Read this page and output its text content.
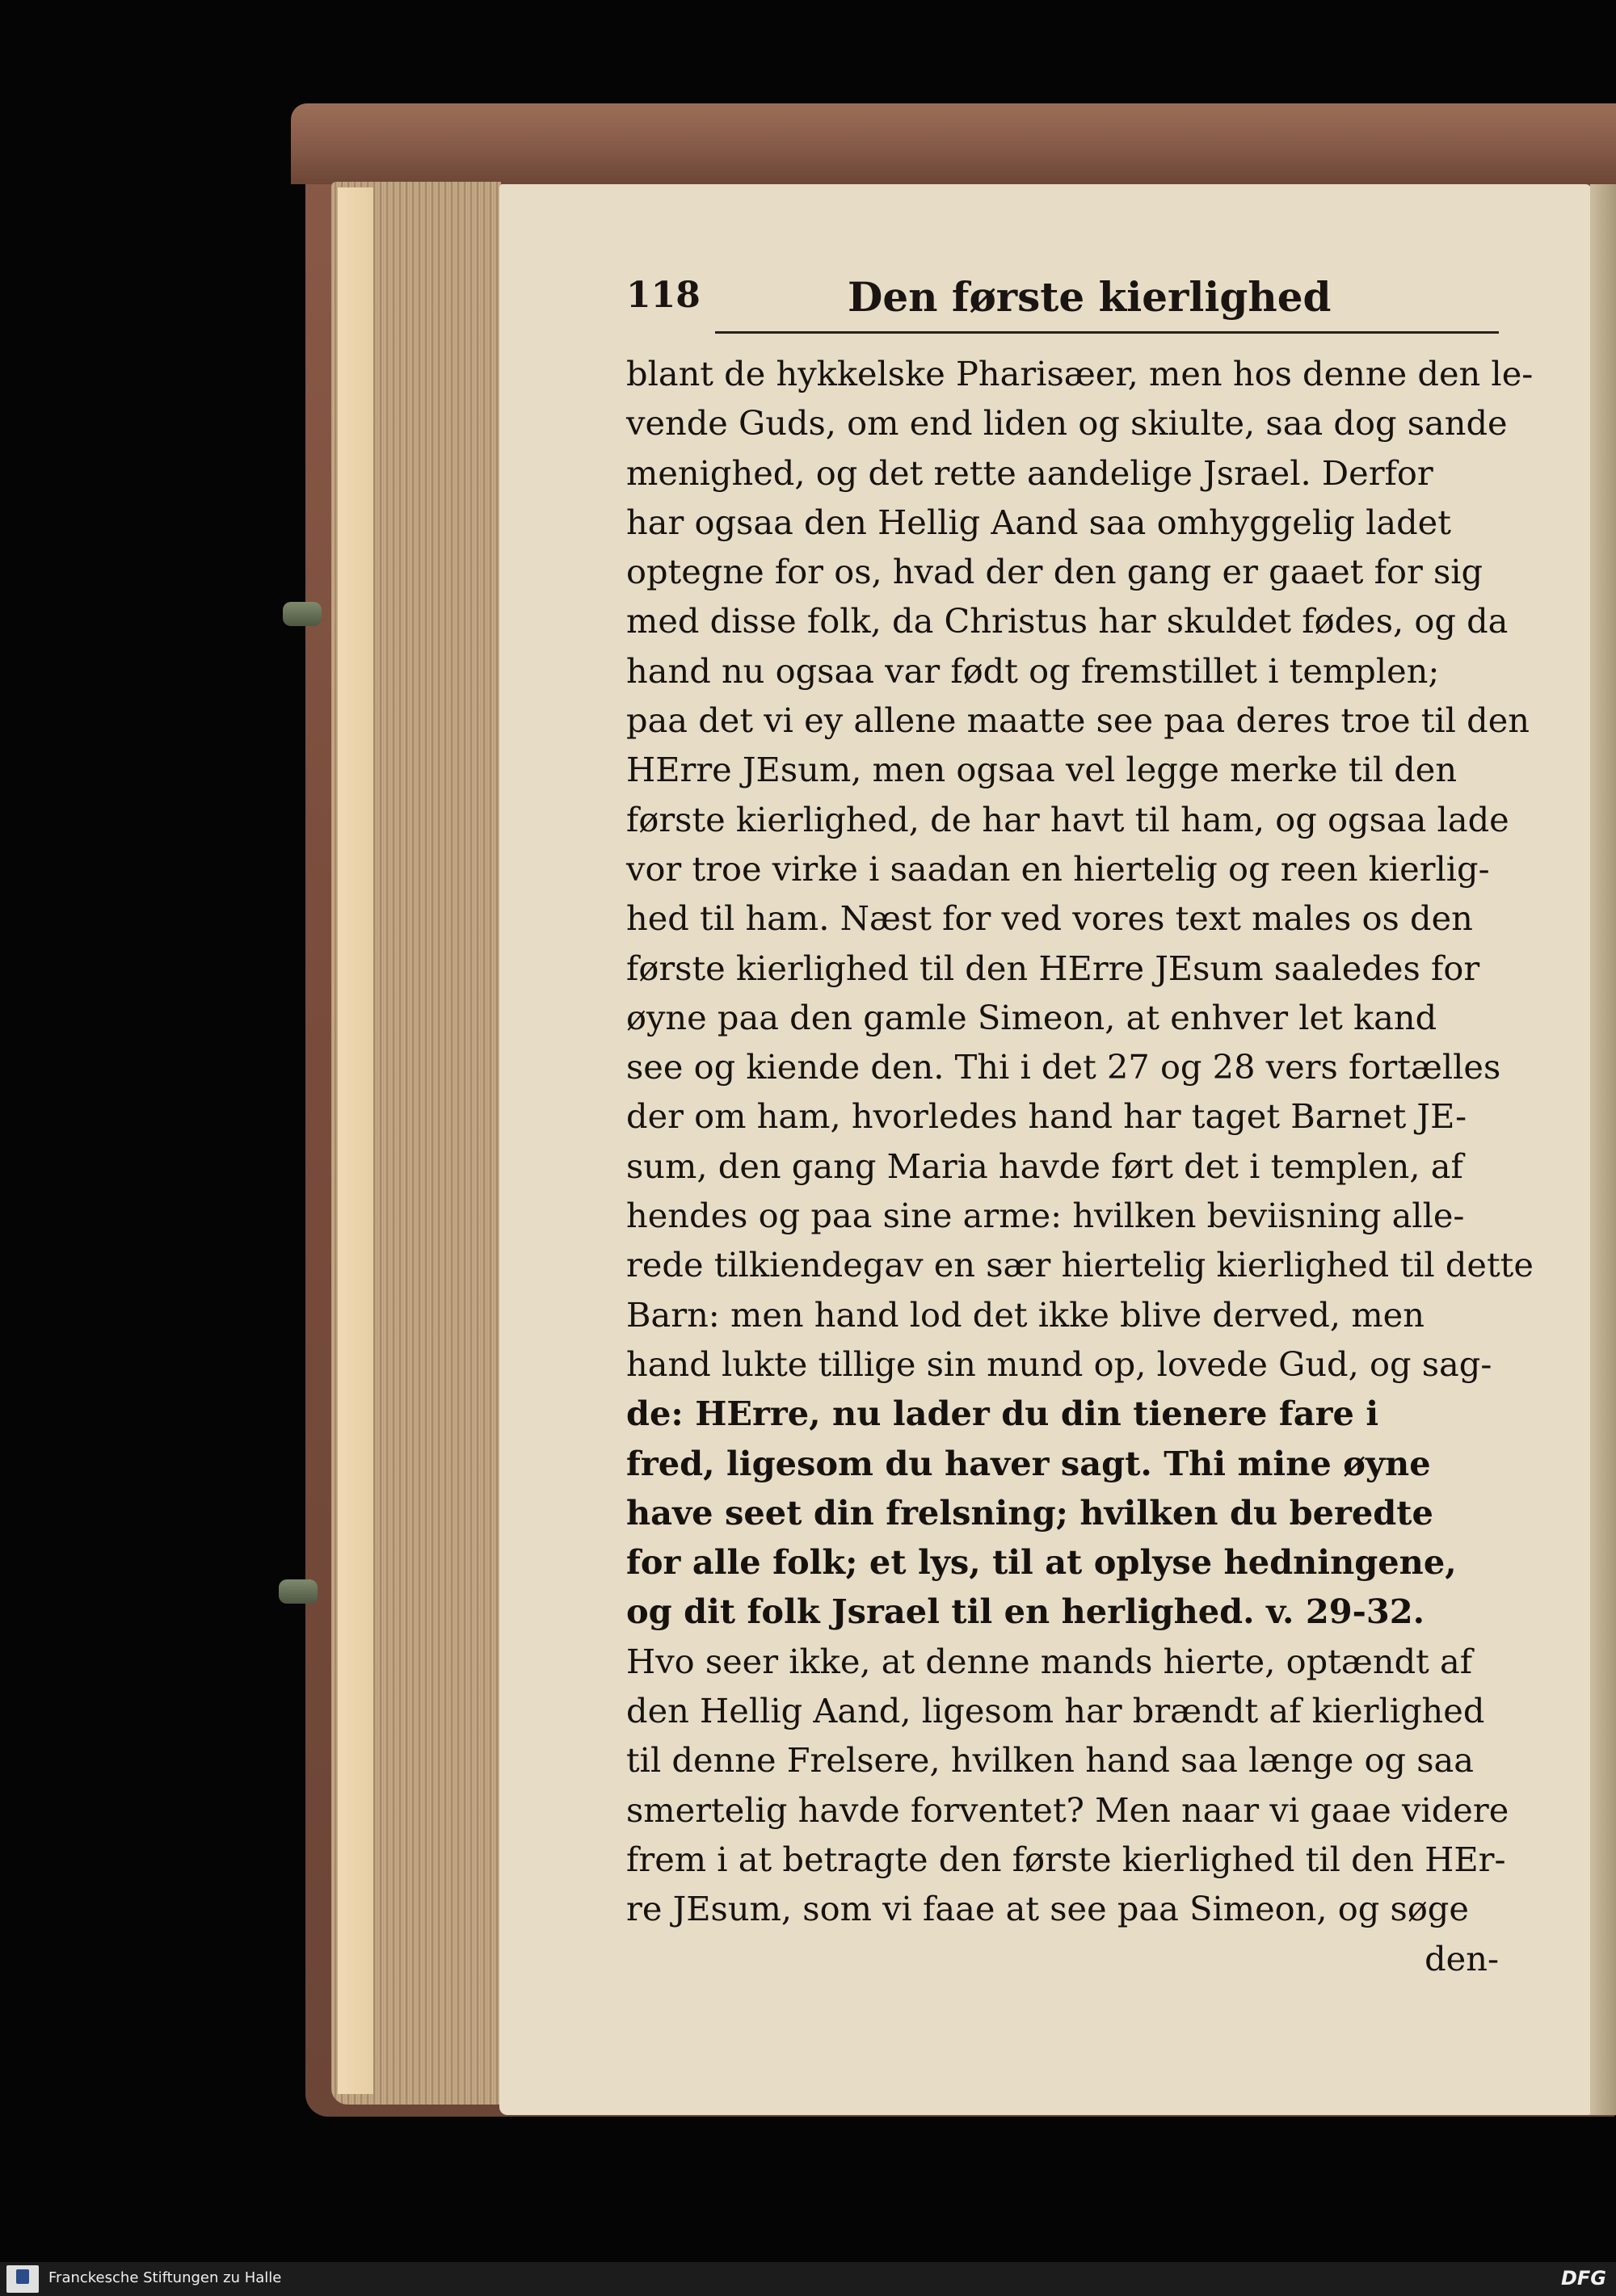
118	Den første kierlighed
blant de hykkelske Pharisæer, men hos denne den le-
vende Guds, om end liden og skiulte, saa dog sande
menighed, og det rette aandelige Jsrael. Derfor
har ogsaa den Hellig Aand saa omhyggelig ladet
optegne for os, hvad der den gang er gaaet for sig
med disse folk, da Christus har skuldet fødes, og da
hand nu ogsaa var født og fremstillet i templen;
paa det vi ey allene maatte see paa deres troe til den
HErre JEsum, men ogsaa vel legge merke til den
første kierlighed, de har havt til ham, og ogsaa lade
vor troe virke i saadan en hiertelig og reen kierlig-
hed til ham. Næst for ved vores text males os den
første kierlighed til den HErre JEsum saaledes for
øyne paa den gamle Simeon, at enhver let kand
see og kiende den. Thi i det 27 og 28 vers fortælles
der om ham, hvorledes hand har taget Barnet JE-
sum, den gang Maria havde ført det i templen, af
hendes og paa sine arme: hvilken beviisning alle-
rede tilkiendegav en sær hiertelig kierlighed til dette
Barn: men hand lod det ikke blive derved, men
hand lukte tillige sin mund op, lovede Gud, og sag-
de: HErre, nu lader du din tienere fare i
fred, ligesom du haver sagt. Thi mine øyne
have seet din frelsning; hvilken du beredte
for alle folk; et lys, til at oplyse hedningene,
og dit folk Jsrael til en herlighed. v. 29-32.
Hvo seer ikke, at denne mands hierte, optændt af
den Hellig Aand, ligesom har brændt af kierlighed
til denne Frelsere, hvilken hand saa længe og saa
smertelig havde forventet? Men naar vi gaae videre
frem i at betragte den første kierlighed til den HEr-
re JEsum, som vi faae at see paa Simeon, og søge
den-
Franckesche Stiftungen zu Halle	DFG
